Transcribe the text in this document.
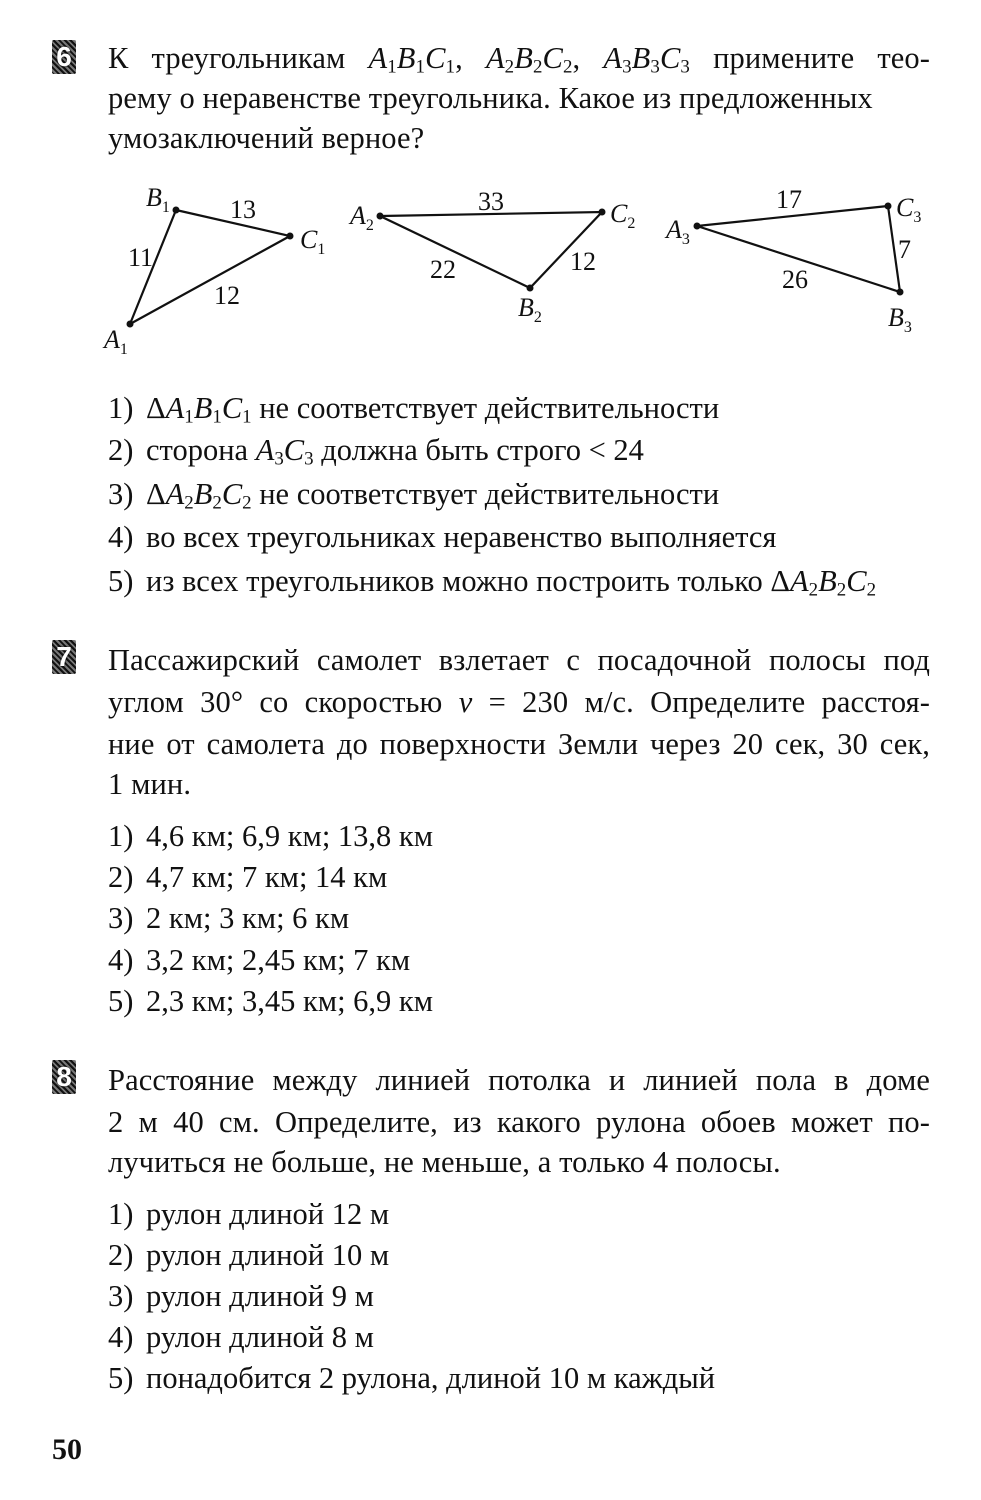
6 К треугольникам $A_1B_1C_1$, $A_2B_2C_2$, $A_3B_3C_3$ примените тео-
рему о неравенстве треугольника. Какое из предложенных
умозаключений верное?
$B_1$
$C_1$
$A_1$
13
11
12
$A_2$	$C_2$
$B_2$
33
22	12
$A_3$
$C_3$
$B_3$
17
26
7
1) $\Delta A_1B_1C_1$ не соответствует действительности
2) сторона $A_3C_3$ должна быть строго < 24
3) $\Delta A_2B_2C_2$ не соответствует действительности
4) во всех треугольниках неравенство выполняется
5) из всех треугольников можно построить только $\Delta A_2B_2C_2$
7 Пассажирский самолет взлетает с посадочной полосы под
углом 30° со скоростью v = 230 м/с. Определите расстоя-
ние от самолета до поверхности Земли через 20 сек, 30 сек,
1 мин.
1) 4,6 км; 6,9 км; 13,8 км
2) 4,7 км; 7 км; 14 км
3) 2 км; 3 км; 6 км
4) 3,2 км; 2,45 км; 7 км
5) 2,3 км; 3,45 км; 6,9 км
8 Расстояние между линией потолка и линией пола в доме
2 м 40 см. Определите, из какого рулона обоев может по-
лучиться не больше, не меньше, а только 4 полосы.
1) рулон длиной 12 м
2) рулон длиной 10 м
3) рулон длиной 9 м
4) рулон длиной 8 м
5) понадобится 2 рулона, длиной 10 м каждый
50
